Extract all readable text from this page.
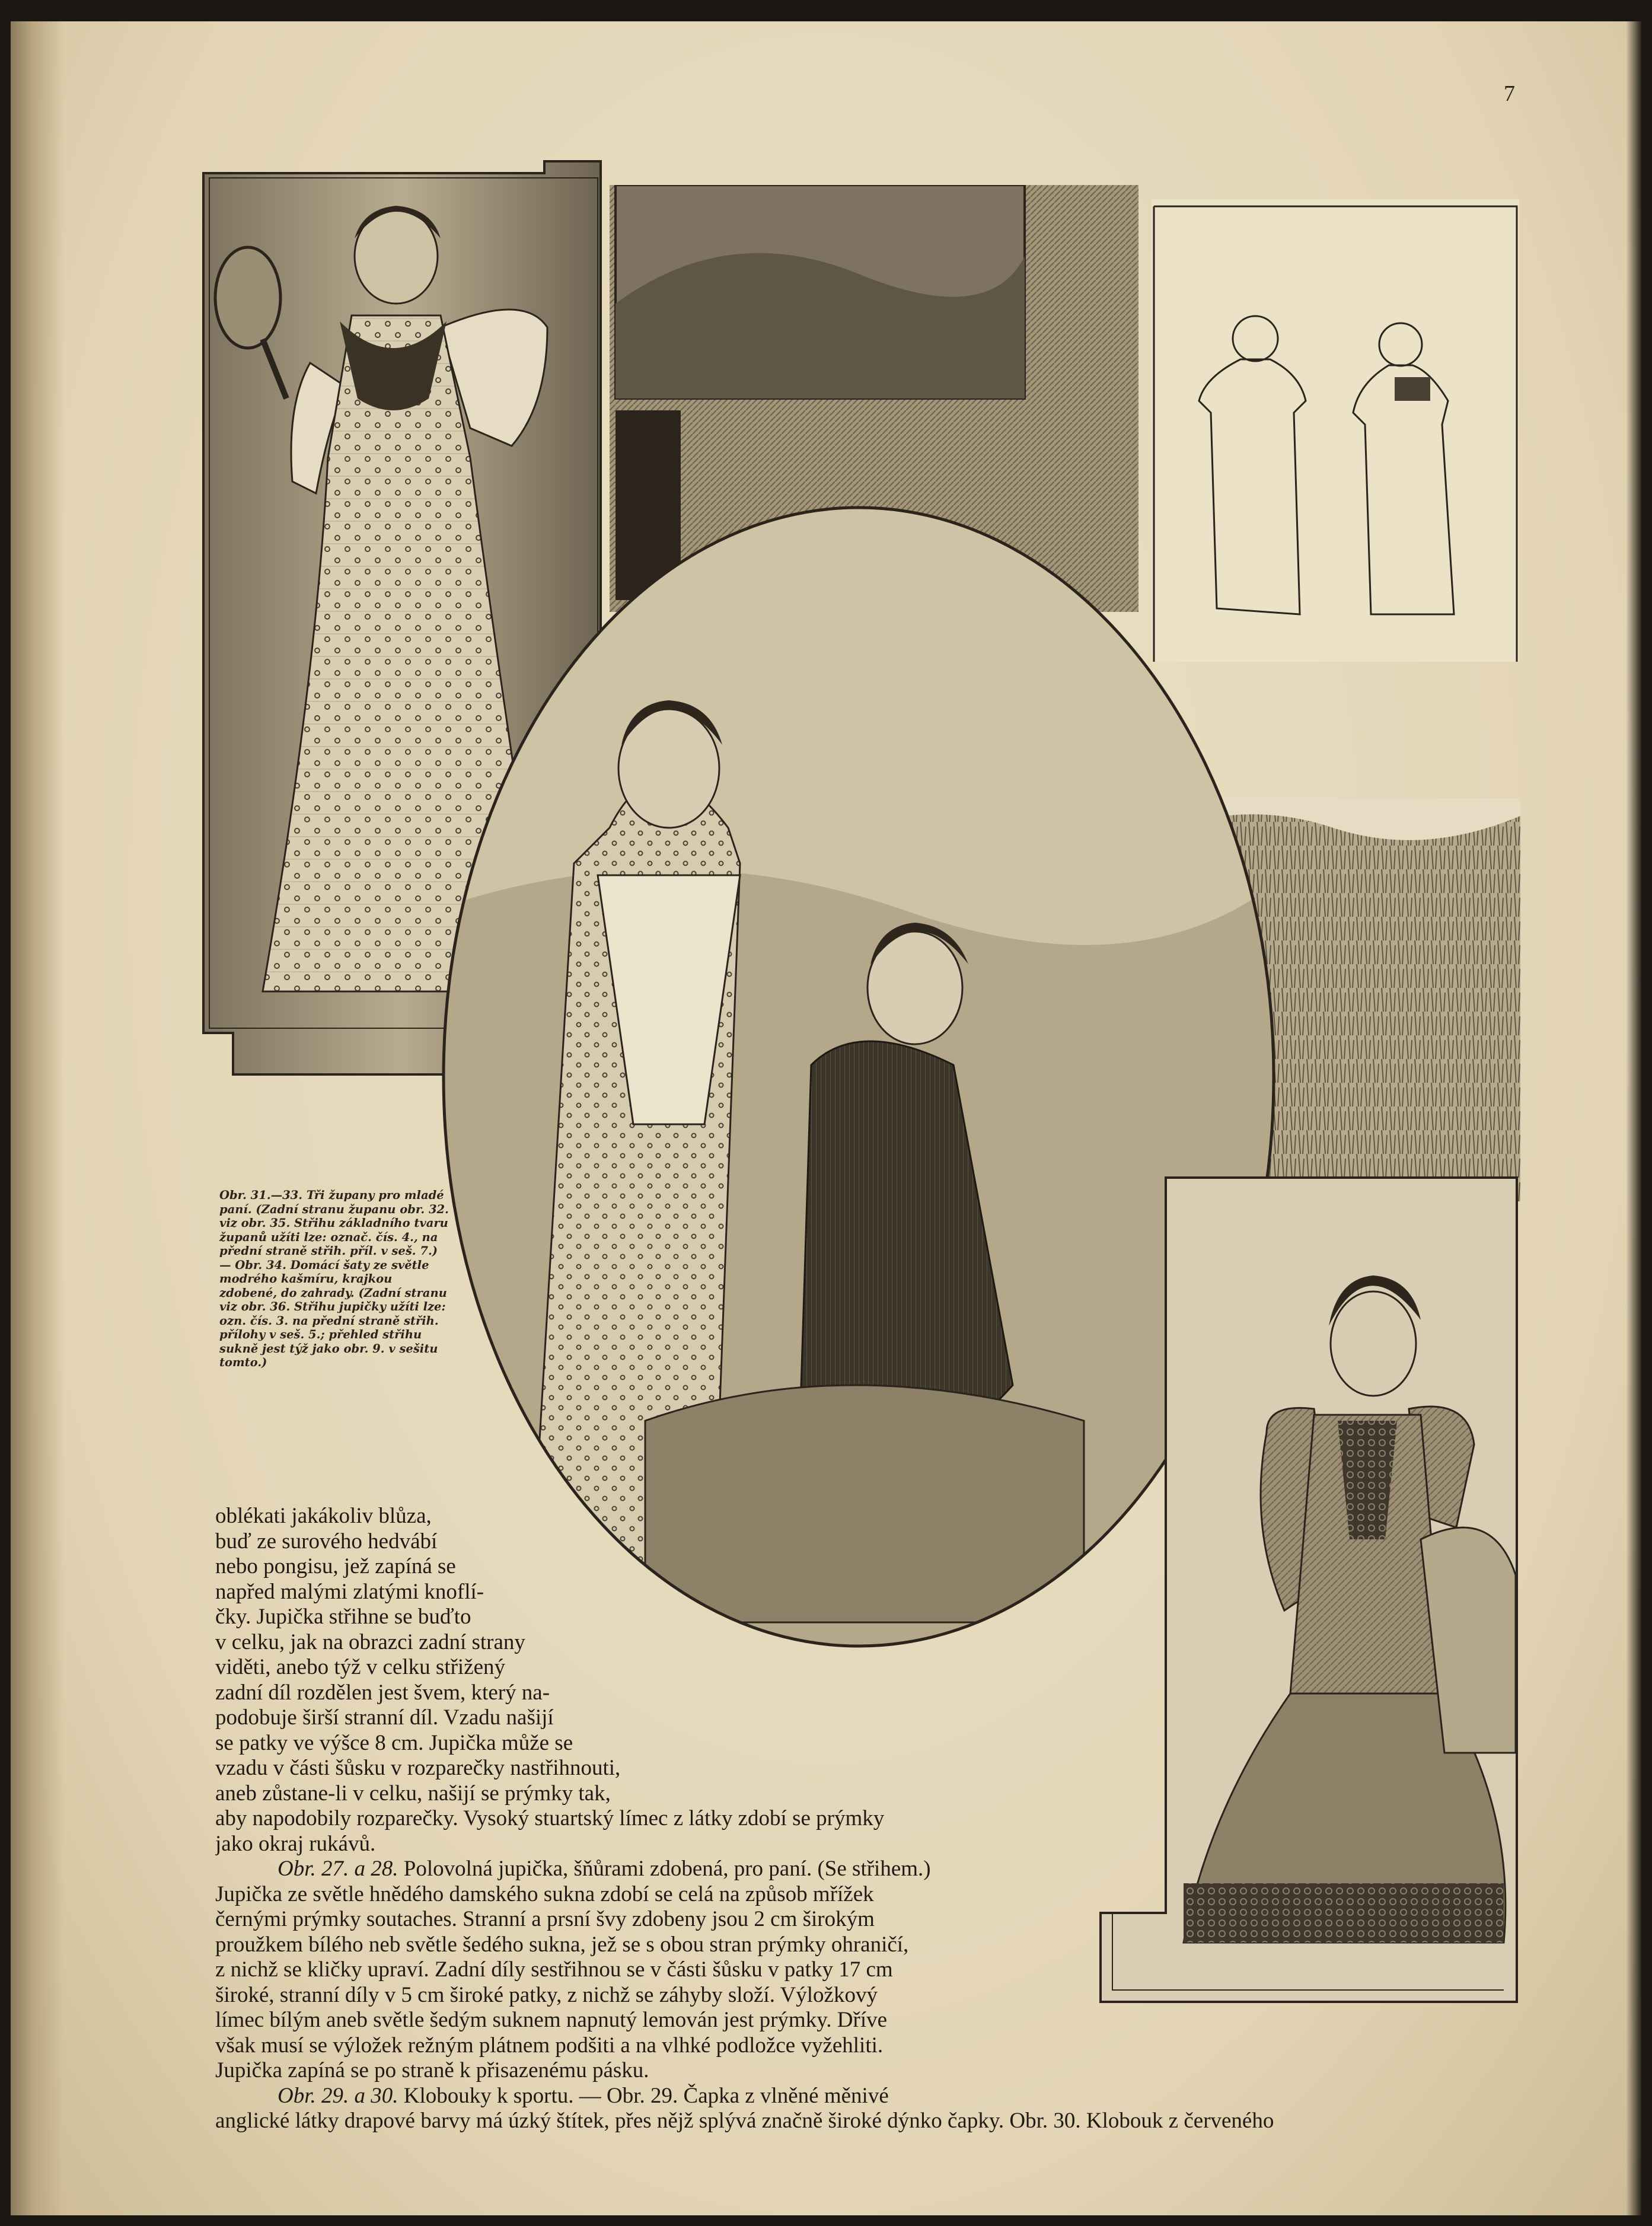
7

Obr. 31.—33. Tři župany pro mladé paní. (Zadní stranu županu obr. 32. viz obr. 35. Střihu základního tvaru županů užíti lze: označ. čís. 4., na přední straně střih. příl. v seš. 7.) — Obr. 34. Domácí šaty ze světle modrého kašmíru, krajkou zdobené, do zahrady. (Zadní stranu viz obr. 36. Střihu jupičky užíti lze: ozn. čís. 3. na přední straně střih. přílohy v seš. 5.; přehled střihu sukně jest týž jako obr. 9. v sešitu tomto.)

oblékati jakákoliv blůza,
buď ze surového hedvábí
nebo pongisu, jež zapíná se
napřed malými zlatými knoflí-
čky. Jupička střihne se buďto
v celku, jak na obrazci zadní strany
viděti, anebo týž v celku střižený
zadní díl rozdělen jest švem, který na-
podobuje širší stranní díl. Vzadu našijí
se patky ve výšce 8 cm. Jupička může se
vzadu v části šůsku v rozparečky nastřihnouti,
aneb zůstane-li v celku, našijí se prýmky tak,
aby napodobily rozparečky. Vysoký stuartský límec z látky zdobí se prýmky
jako okraj rukávů.
Obr. 27. a 28. Polovolná jupička, šňůrami zdobená, pro paní. (Se střihem.)
Jupička ze světle hnědého damského sukna zdobí se celá na způsob mřížek
černými prýmky soutaches. Stranní a prsní švy zdobeny jsou 2 cm širokým
proužkem bílého neb světle šedého sukna, jež se s obou stran prýmky ohraničí,
z nichž se kličky upraví. Zadní díly sestřihnou se v části šůsku v patky 17 cm
široké, stranní díly v 5 cm široké patky, z nichž se záhyby složí. Výložkový
límec bílým aneb světle šedým suknem napnutý lemován jest prýmky. Dříve
však musí se výložek režným plátnem podšiti a na vlhké podložce vyžehliti.
Jupička zapíná se po straně k přisazenému pásku.
Obr. 29. a 30. Klobouky k sportu. — Obr. 29. Čapka z vlněné měnivé
anglické látky drapové barvy má úzký štítek, přes nějž splývá značně široké dýnko čapky. Obr. 30. Klobouk z červeného
